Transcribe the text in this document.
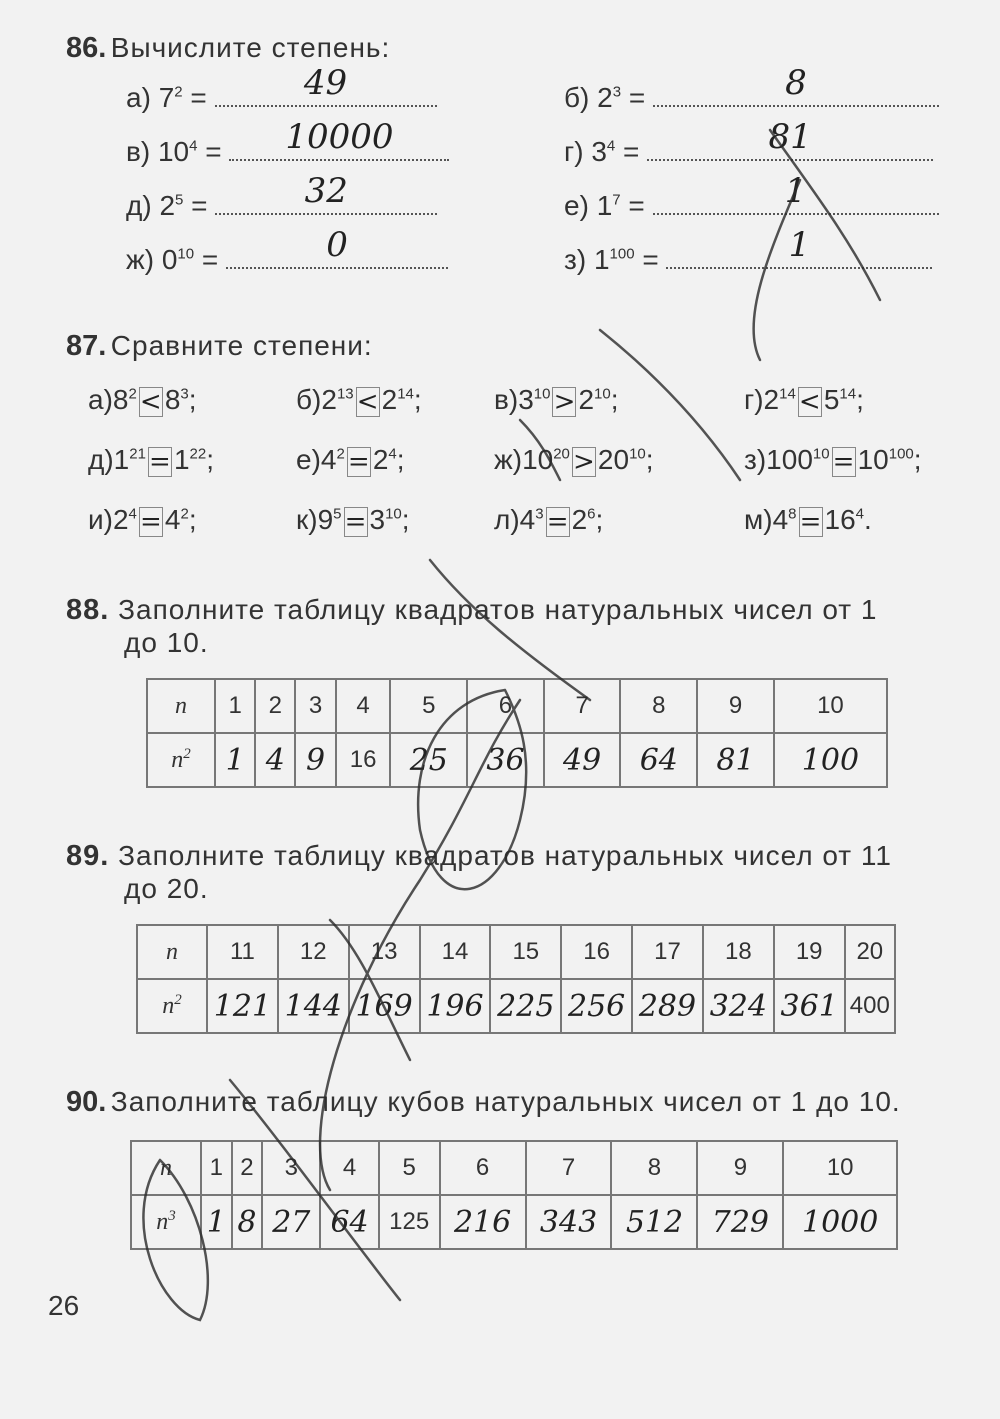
86. Вычислите степень:
а) $7^2$ =	49	б) $2^3$ =	8
в) $10^4$ =	10000	г) $3^4$ =	81
д) $2^5$ =	32	е) $1^7$ =	1
ж) $0^{10}$ =	0	з) $1^{100}$ =	1
87. Сравните степени:
$а)8^2 < 8^3$;	$б)2^{13} < 2^{14}$;	$в)3^{10} > 2^{10}$;	$г)2^{14} < 5^{14}$;
$д)1^{21} = 1^{22}$;	$е)4^2 = 2^4$;	$ж)10^{20} > 20^{10}$;	$з)100^{10} = 10^{100}$;
$и)2^4 = 4^2$;	$к)9^5 = 3^{10}$;	$л)4^3 = 2^6$;	$м)4^8 = 16^4$.
88. Заполните таблицу квадратов натуральных чисел от 1
до 10.
n	1	2	3	4	5	6	7	8	9	10
$n^2$	1	4	9	16	25	36	49	64	81	100
89. Заполните таблицу квадратов натуральных чисел от 11
до 20.
n	11	12	13	14	15	16	17	18	19	20
$n^2$	121	144	169	196	225	256	289	324	361	400
90. Заполните таблицу кубов натуральных чисел от 1 до 10.
n	1	2	3	4	5	6	7	8	9	10
$n^3$	1	8	27	64	125	216	343	512	729	1000
26
